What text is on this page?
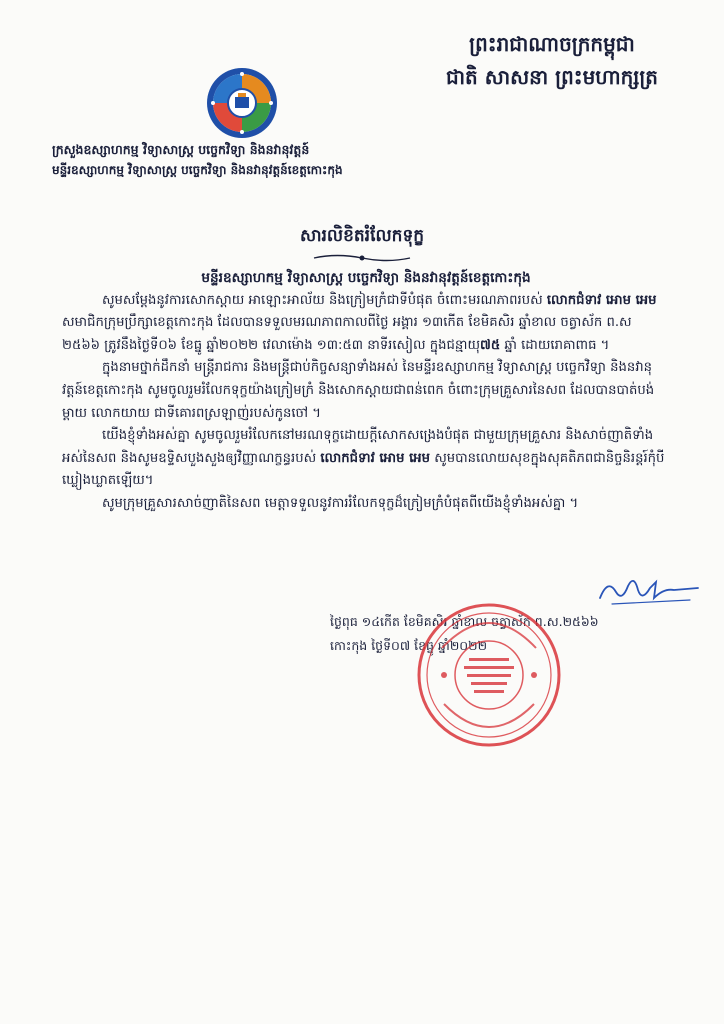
ព្រះរាជាណាចក្រកម្ពុជា
ជាតិ សាសនា ព្រះមហាក្សត្រ
ក្រសួងឧស្សាហកម្ម វិទ្យាសាស្ត្រ បច្ចេកវិទ្យា និងនវានុវត្តន៍
មន្ទីរឧស្សាហកម្ម វិទ្យាសាស្ត្រ បច្ចេកវិទ្យា និងនវានុវត្តន៍ខេត្តកោះកុង
សារលិខិតរំលែកទុក្ខ

មន្ទីរឧស្សាហកម្ម វិទ្យាសាស្ត្រ បច្ចេកវិទ្យា និងនវានុវត្តន៍ខេត្តកោះកុង

សូមសម្តែងនូវការសោកស្តាយ អាឡោះអាល័យ និងក្រៀមក្រំជាទីបំផុត ចំពោះមរណភាពរបស់ លោកជំទាវ អោម អេម សមាជិកក្រុមប្រឹក្សាខេត្តកោះកុង ដែលបានទទួលមរណភាពកាលពីថ្ងៃ អង្គារ ១៣កើត ខែមិគសិរ ឆ្នាំខាល ចត្វាស័ក ព.ស ២៥៦៦ ត្រូវនឹងថ្ងៃទី០៦ ខែធ្នូ ឆ្នាំ២០២២ វេលាម៉ោង ១៣:៥៣ នាទីរសៀល ក្នុងជន្មាយុ៧៥ ឆ្នាំ ដោយរោគាពាធ ។

ក្នុងនាមថ្នាក់ដឹកនាំ មន្ត្រីរាជការ និងមន្ត្រីជាប់កិច្ចសន្យាទាំងអស់ នៃមន្ទីរឧស្សាហកម្ម វិទ្យាសាស្ត្រ បច្ចេកវិទ្យា និងនវានុវត្តន៍ខេត្តកោះកុង សូមចូលរួមរំលែកទុក្ខយ៉ាងក្រៀមក្រំ និងសោកស្តាយជាពន់ពេក ចំពោះក្រុមគ្រួសារនៃសព ដែលបានបាត់បង់ ម្តាយ លោកយាយ ជាទីគោរពស្រឡាញ់របស់កូនចៅ ។

យើងខ្ញុំទាំងអស់គ្នា សូមចូលរួមរំលែកនៅមរណទុក្ខដោយក្តីសោកសង្រេងបំផុត ជាមួយក្រុមគ្រួសារ និងសាច់ញាតិទាំងអស់នៃសព និងសូមឧទ្ទិសបួងសួងឲ្យវិញ្ញាណក្ខន្ធរបស់ លោកជំទាវ អោម អេម សូមបានលោយសុខក្នុងសុគតិភពជានិច្ចនិរន្តរ៍កុំបីឃ្លៀងឃ្លាតឡើយ។

សូមក្រុមគ្រួសារសាច់ញាតិនៃសព មេត្តាទទួលនូវការរំលែកទុក្ខដ៏ក្រៀមក្រំបំផុតពីយើងខ្ញុំទាំងអស់គ្នា ។

ថ្ងៃពុធ ១៤កើត ខែមិគសិរ ឆ្នាំខាល ចត្វាស័ក ព.ស.២៥៦៦
កោះកុង ថ្ងៃទី០៧ ខែធ្នូ ឆ្នាំ២០២២
